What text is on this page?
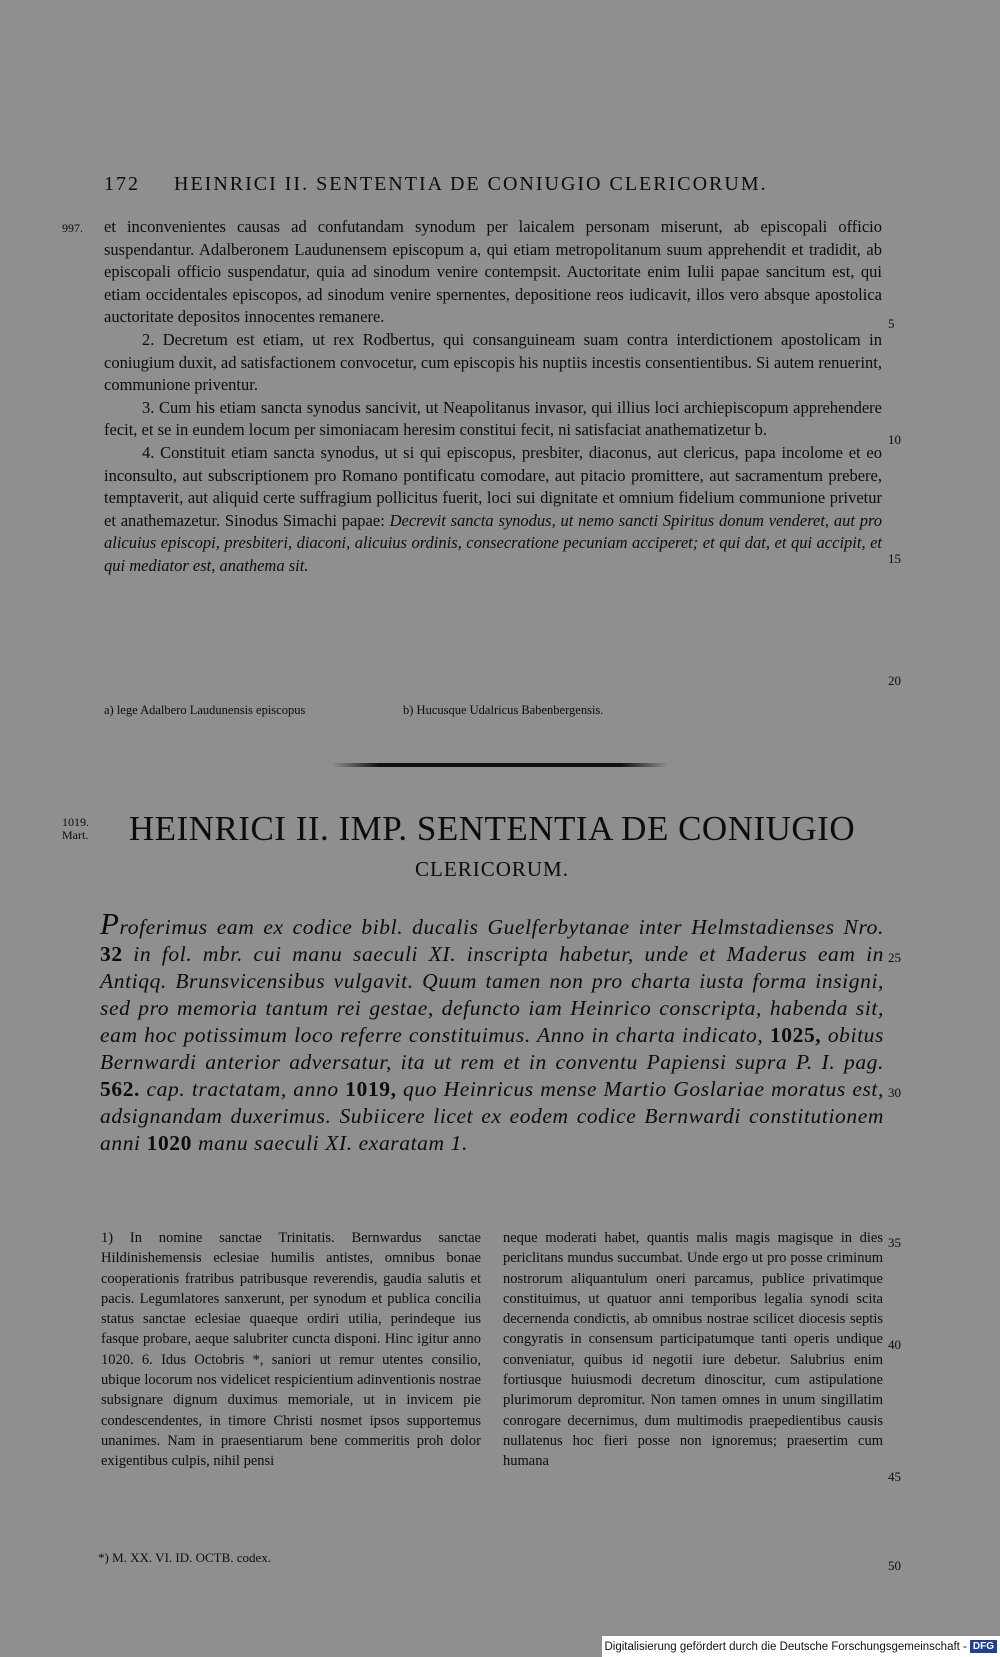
172 HEINRICI II. SENTENTIA DE CONIUGIO CLERICORUM.
997.
5
10
15
20

et inconvenientes causas ad confutandam synodum per laicalem personam miserunt, ab episcopali officio suspendantur. Adalberonem Laudunensem episcopum a, qui etiam metropolitanum suum apprehendit et tradidit, ab episcopali officio suspendatur, quia ad sinodum venire contempsit. Auctoritate enim Iulii papae sancitum est, qui etiam occidentales episcopos, ad sinodum venire spernentes, depositione reos iudicavit, illos vero absque apostolica auctoritate depositos innocentes remanere.

2. Decretum est etiam, ut rex Rodbertus, qui consanguineam suam contra interdictionem apostolicam in coniugium duxit, ad satisfactionem convocetur, cum episcopis his nuptiis incestis consentientibus. Si autem renuerint, communione priventur.

3. Cum his etiam sancta synodus sancivit, ut Neapolitanus invasor, qui illius loci archiepiscopum apprehendere fecit, et se in eundem locum per simoniacam heresim constitui fecit, ni satisfaciat anathematizetur b.

4. Constituit etiam sancta synodus, ut si qui episcopus, presbiter, diaconus, aut clericus, papa incolome et eo inconsulto, aut subscriptionem pro Romano pontificatu comodare, aut pitacio promittere, aut sacramentum prebere, temptaverit, aut aliquid certe suffragium pollicitus fuerit, loci sui dignitate et omnium fidelium communione privetur et anathemazetur. Sinodus Simachi papae: Decrevit sancta synodus, ut nemo sancti Spiritus donum venderet, aut pro alicuius episcopi, presbiteri, diaconi, alicuius ordinis, consecratione pecuniam acciperet; et qui dat, et qui accipit, et qui mediator est, anathema sit.

a) lege Adalbero Laudunensis episcopus	b) Hucusque Udalricus Babenbergensis.
1019.
Mart.	HEINRICI II. IMP. SENTENTIA DE CONIUGIO
CLERICORUM.
25
30
Proferimus eam ex codice bibl. ducalis Guelferbytanae inter Helmstadienses Nro. 32 in fol. mbr. cui manu saeculi XI. inscripta habetur, unde et Maderus eam in Antiqq. Brunsvicensibus vulgavit. Quum tamen non pro charta iusta forma insigni, sed pro memoria tantum rei gestae, defuncto iam Heinrico conscripta, habenda sit, eam hoc potissimum loco referre constituimus. Anno in charta indicato, 1025, obitus Bernwardi anterior adversatur, ita ut rem et in conventu Papiensi supra P. I. pag. 562. cap. tractatam, anno 1019, quo Heinricus mense Martio Goslariae moratus est, adsignandam duxerimus. Subiicere licet ex eodem codice Bernwardi constitutionem anni 1020 manu saeculi XI. exaratam 1.
35
40
45

1) In nomine sanctae Trinitatis. Bernwardus sanctae Hildinishemensis eclesiae humilis antistes, omnibus bonae cooperationis fratribus patribusque reverendis, gaudia salutis et pacis. Legumlatores sanxerunt, per synodum et publica concilia status sanctae eclesiae quaeque ordiri utilia, perindeque ius fasque probare, aeque salubriter cuncta disponi. Hinc igitur anno 1020. 6. Idus Octobris *, saniori ut remur utentes consilio, ubique locorum nos videlicet respicientium adinventionis nostrae subsignare dignum duximus memoriale, ut in invicem pie condescendentes, in timore Christi nosmet ipsos supportemus unanimes. Nam in praesentiarum bene commeritis proh dolor exigentibus culpis, nihil pensi

neque moderati habet, quantis malis magis magisque in dies periclitans mundus succumbat. Unde ergo ut pro posse criminum nostrorum aliquantulum oneri parcamus, publice privatimque constituimus, ut quatuor anni temporibus legalia synodi scita decernenda condictis, ab omnibus nostrae scilicet diocesis septis congyratis in consensum participatumque tanti operis undique conveniatur, quibus id negotii iure debetur. Salubrius enim fortiusque huiusmodi decretum dinoscitur, cum astipulatione plurimorum depromitur. Non tamen omnes in unum singillatim conrogare decernimus, dum multimodis praepedientibus causis nullatenus hoc fieri posse non ignoremus; praesertim cum humana

*) M. XX. VI. ID. OCTB. codex.
50
Digitalisierung gefördert durch die Deutsche Forschungsgemeinschaft - DFG
